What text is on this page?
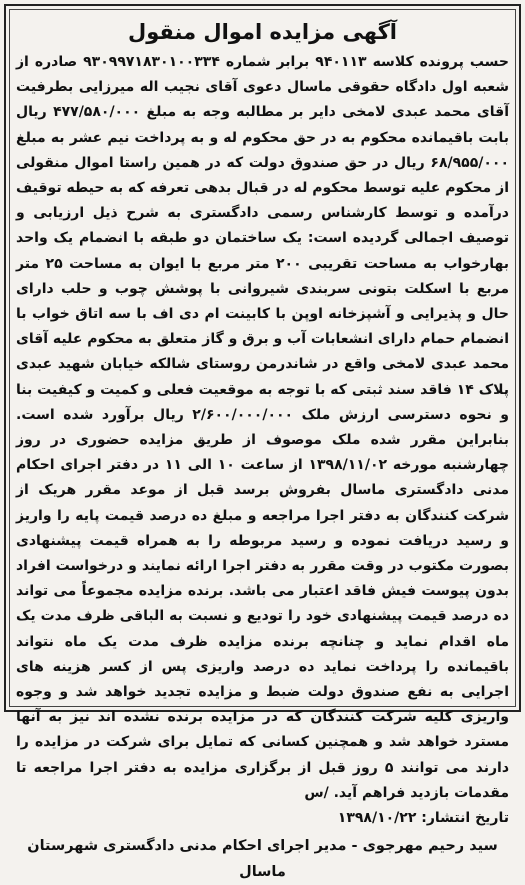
آگهی مزایده اموال منقول

حسب پرونده کلاسه ۹۴۰۱۱۳ برابر شماره ۹۳۰۹۹۷۱۸۳۰۱۰۰۳۳۴ صادره از شعبه اول دادگاه حقوقی ماسال دعوی آقای نجیب اله میرزایی بطرفیت آقای محمد عبدی لامخی دایر بر مطالبه وجه به مبلغ ۴۷۷/۵۸۰/۰۰۰ ریال بابت باقیمانده محکوم به در حق محکوم له و به پرداخت نیم عشر به مبلغ ۶۸/۹۵۵/۰۰۰ ریال در حق صندوق دولت که در همین راستا اموال منقولی از محکوم علیه توسط محکوم له در قبال بدهی تعرفه که به حیطه توقیف درآمده و توسط کارشناس رسمی دادگستری به شرح ذیل ارزیابی و توصیف اجمالی گردیده است: یک ساختمان دو طبقه با انضمام یک واحد بهارخواب به مساحت تقریبی ۲۰۰ متر مربع با ایوان به مساحت ۲۵ متر مربع با اسکلت بتونی سربندی شیروانی با پوشش چوب و حلب دارای حال و پذیرایی و آشپزخانه اوپن با کابینت ام دی اف با سه اتاق خواب با انضمام حمام دارای انشعابات آب و برق و گاز متعلق به محکوم علیه آقای محمد عبدی لامخی واقع در شاندرمن روستای شالکه خیابان شهید عبدی پلاک ۱۴ فاقد سند ثبتی که با توجه به موقعیت فعلی و کمیت و کیفیت بنا و نحوه دسترسی ارزش ملک ۲/۶۰۰/۰۰۰/۰۰۰ ریال برآورد شده است. بنابراین مقرر شده ملک موصوف از طریق مزایده حضوری در روز چهارشنبه مورخه ۱۳۹۸/۱۱/۰۲ از ساعت ۱۰ الی ۱۱ در دفتر اجرای احکام مدنی دادگستری ماسال بفروش برسد قبل از موعد مقرر هریک از شرکت کنندگان به دفتر اجرا مراجعه و مبلغ ده درصد قیمت پایه را واریز و رسید دریافت نموده و رسید مربوطه را به همراه قیمت پیشنهادی بصورت مکتوب در وقت مقرر به دفتر اجرا ارائه نمایند و درخواست افراد بدون پیوست فیش فاقد اعتبار می باشد. برنده مزایده مجموعاً می تواند ده درصد قیمت پیشنهادی خود را تودیع و نسبت به الباقی ظرف مدت یک ماه اقدام نماید و چنانچه برنده مزایده ظرف مدت یک ماه نتواند باقیمانده را پرداخت نماید ده درصد واریزی پس از کسر هزینه های اجرایی به نفع صندوق دولت ضبط و مزایده تجدید خواهد شد و وجوه واریزی کلیه شرکت کنندگان که در مزایده برنده نشده اند نیز به آنها مسترد خواهد شد و همچنین کسانی که تمایل برای شرکت در مزایده را دارند می توانند ۵ روز قبل از برگزاری مزایده به دفتر اجرا مراجعه تا مقدمات بازدید فراهم آید. /س

تاریخ انتشار: ۱۳۹۸/۱۰/۲۲

سید رحیم مهرجوی - مدیر اجرای احکام مدنی دادگستری شهرستان ماسال
